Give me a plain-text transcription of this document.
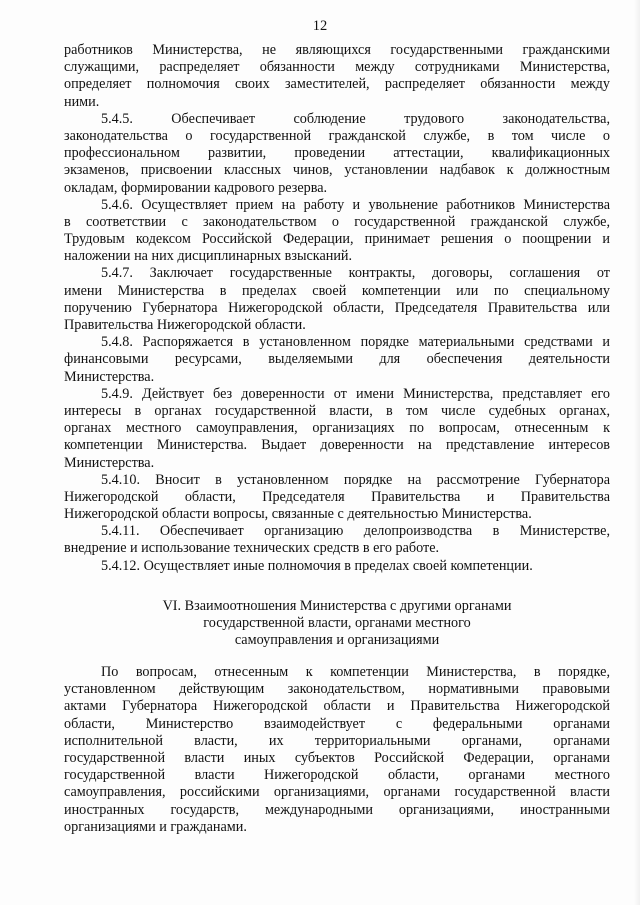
12
работников Министерства, не являющихся государственными гражданскими
служащими, распределяет обязанности между сотрудниками Министерства,
определяет полномочия своих заместителей, распределяет обязанности между
ними.
5.4.5. Обеспечивает соблюдение трудового законодательства,
законодательства о государственной гражданской службе, в том числе о
профессиональном развитии, проведении аттестации, квалификационных
экзаменов, присвоении классных чинов, установлении надбавок к должностным
окладам, формировании кадрового резерва.
5.4.6. Осуществляет прием на работу и увольнение работников Министерства
в соответствии с законодательством о государственной гражданской службе,
Трудовым кодексом Российской Федерации, принимает решения о поощрении и
наложении на них дисциплинарных взысканий.
5.4.7. Заключает государственные контракты, договоры, соглашения от
имени Министерства в пределах своей компетенции или по специальному
поручению Губернатора Нижегородской области, Председателя Правительства или
Правительства Нижегородской области.
5.4.8. Распоряжается в установленном порядке материальными средствами и
финансовыми ресурсами, выделяемыми для обеспечения деятельности
Министерства.
5.4.9. Действует без доверенности от имени Министерства, представляет его
интересы в органах государственной власти, в том числе судебных органах,
органах местного самоуправления, организациях по вопросам, отнесенным к
компетенции Министерства. Выдает доверенности на представление интересов
Министерства.
5.4.10. Вносит в установленном порядке на рассмотрение Губернатора
Нижегородской области, Председателя Правительства и Правительства
Нижегородской области вопросы, связанные с деятельностью Министерства.
5.4.11. Обеспечивает организацию делопроизводства в Министерстве,
внедрение и использование технических средств в его работе.
5.4.12. Осуществляет иные полномочия в пределах своей компетенции.
VI. Взаимоотношения Министерства с другими органами
государственной власти, органами местного
самоуправления и организациями
По вопросам, отнесенным к компетенции Министерства, в порядке,
установленном действующим законодательством, нормативными правовыми
актами Губернатора Нижегородской области и Правительства Нижегородской
области, Министерство взаимодействует с федеральными органами
исполнительной власти, их территориальными органами, органами
государственной власти иных субъектов Российской Федерации, органами
государственной власти Нижегородской области, органами местного
самоуправления, российскими организациями, органами государственной власти
иностранных государств, международными организациями, иностранными
организациями и гражданами.
